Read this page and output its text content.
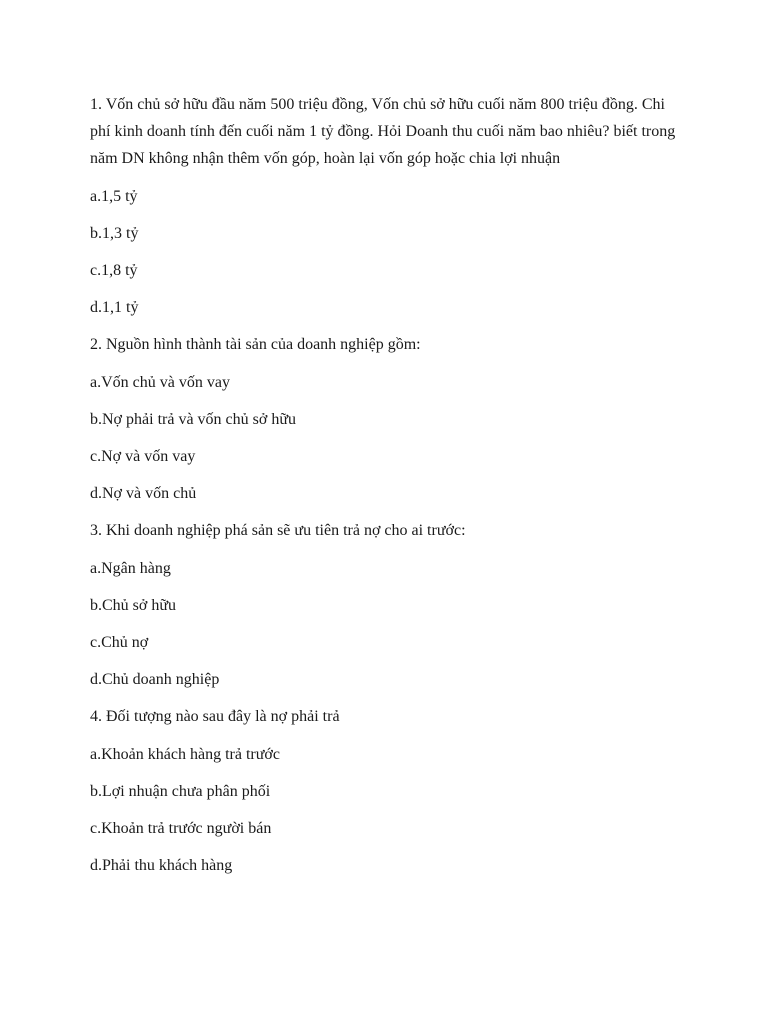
1. Vốn chủ sở hữu đầu năm 500 triệu đồng, Vốn chủ sở hữu cuối năm 800 triệu đồng. Chi phí kinh doanh tính đến cuối năm 1 tỷ đồng. Hỏi Doanh thu cuối năm bao nhiêu? biết trong năm DN không nhận thêm vốn góp, hoàn lại vốn góp hoặc chia lợi nhuận

a.1,5 tỷ

b.1,3 tỷ

c.1,8 tỷ

d.1,1 tỷ

2. Nguồn hình thành tài sản của doanh nghiệp gồm:

a.Vốn chủ và vốn vay

b.Nợ phải trả và vốn chủ sở hữu

c.Nợ và vốn vay

d.Nợ và vốn chủ

3. Khi doanh nghiệp phá sản sẽ ưu tiên trả nợ cho ai trước:

a.Ngân hàng

b.Chủ sở hữu

c.Chủ nợ

d.Chủ doanh nghiệp

4. Đối tượng nào sau đây là nợ phải trả

a.Khoản khách hàng trả trước

b.Lợi nhuận chưa phân phối

c.Khoản trả trước người bán

d.Phải thu khách hàng
